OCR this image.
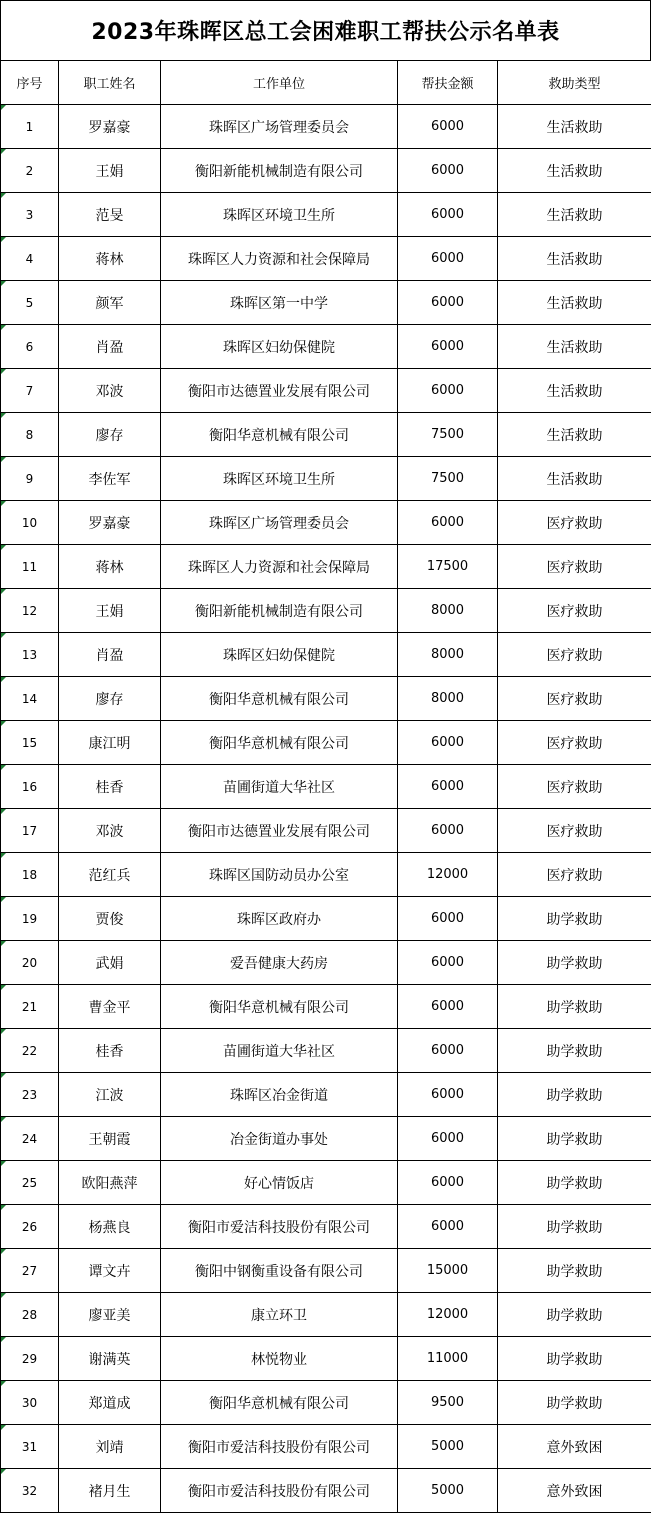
2023年珠晖区总工会困难职工帮扶公示名单表
序号	职工姓名	工作单位	帮扶金额	救助类型
1	罗嘉豪	珠晖区广场管理委员会	6000	生活救助
2	王娟	衡阳新能机械制造有限公司	6000	生活救助
3	范旻	珠晖区环境卫生所	6000	生活救助
4	蒋林	珠晖区人力资源和社会保障局	6000	生活救助
5	颜军	珠晖区第一中学	6000	生活救助
6	肖盈	珠晖区妇幼保健院	6000	生活救助
7	邓波	衡阳市达德置业发展有限公司	6000	生活救助
8	廖存	衡阳华意机械有限公司	7500	生活救助
9	李佐军	珠晖区环境卫生所	7500	生活救助
10	罗嘉豪	珠晖区广场管理委员会	6000	医疗救助
11	蒋林	珠晖区人力资源和社会保障局	17500	医疗救助
12	王娟	衡阳新能机械制造有限公司	8000	医疗救助
13	肖盈	珠晖区妇幼保健院	8000	医疗救助
14	廖存	衡阳华意机械有限公司	8000	医疗救助
15	康江明	衡阳华意机械有限公司	6000	医疗救助
16	桂香	苗圃街道大华社区	6000	医疗救助
17	邓波	衡阳市达德置业发展有限公司	6000	医疗救助
18	范红兵	珠晖区国防动员办公室	12000	医疗救助
19	贾俊	珠晖区政府办	6000	助学救助
20	武娟	爱吾健康大药房	6000	助学救助
21	曹金平	衡阳华意机械有限公司	6000	助学救助
22	桂香	苗圃街道大华社区	6000	助学救助
23	江波	珠晖区冶金街道	6000	助学救助
24	王朝霞	冶金街道办事处	6000	助学救助
25	欧阳燕萍	好心情饭店	6000	助学救助
26	杨燕良	衡阳市爱洁科技股份有限公司	6000	助学救助
27	谭文卉	衡阳中钢衡重设备有限公司	15000	助学救助
28	廖亚美	康立环卫	12000	助学救助
29	谢满英	林悦物业	11000	助学救助
30	郑道成	衡阳华意机械有限公司	9500	助学救助
31	刘靖	衡阳市爱洁科技股份有限公司	5000	意外致困
32	褚月生	衡阳市爱洁科技股份有限公司	5000	意外致困
